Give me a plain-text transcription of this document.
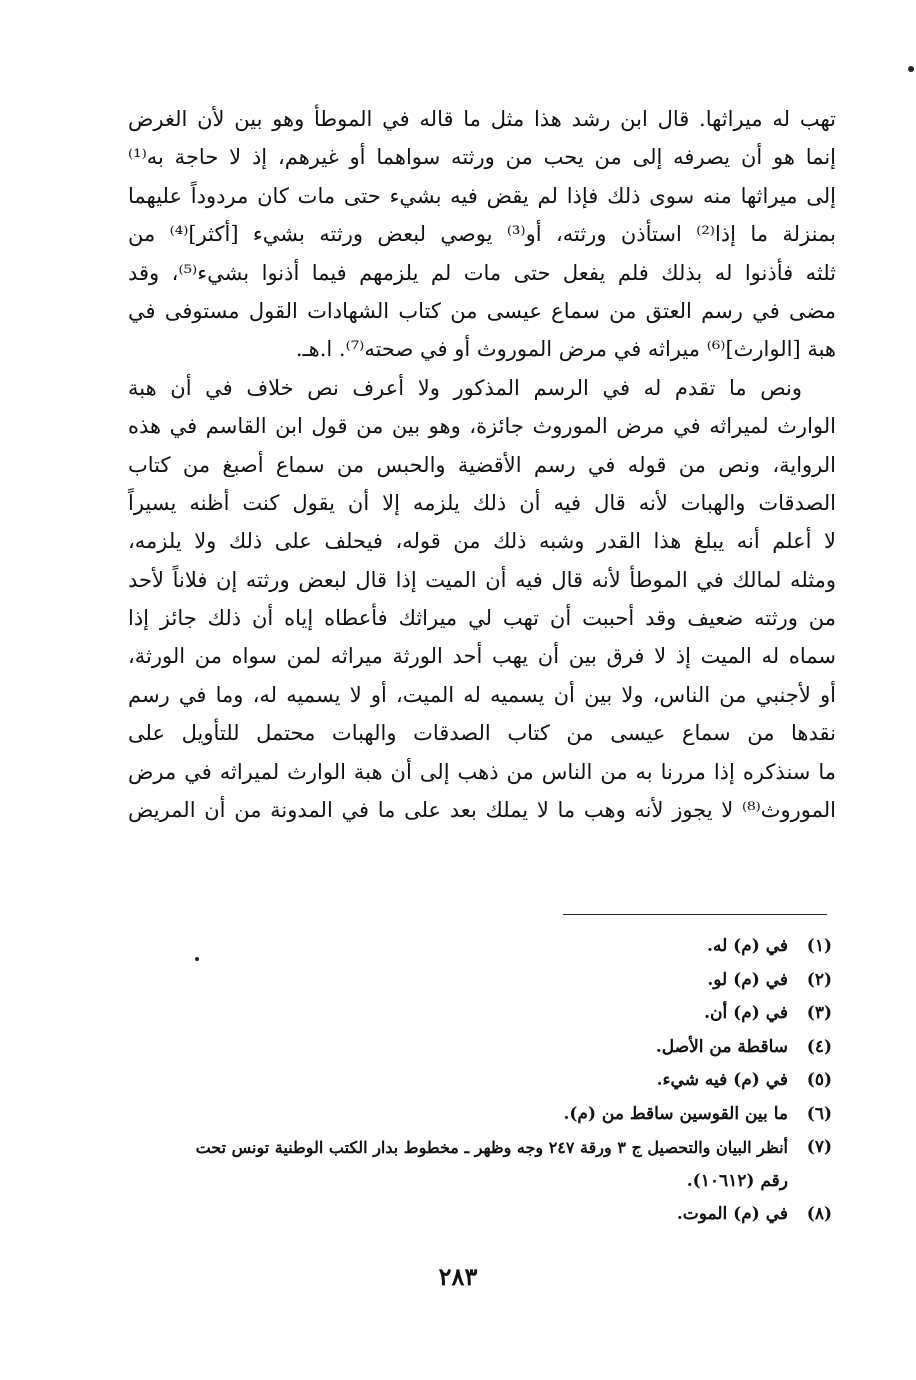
تهب له ميراثها. قال ابن رشد هذا مثل ما قاله في الموطأ وهو بين لأن الغرض
إنما هو أن يصرفه إلى من يحب من ورثته سواهما أو غيرهم، إذ لا حاجة به⁽¹⁾
إلى ميراثها منه سوى ذلك فإذا لم يقض فيه بشيء حتى مات كان مردوداً عليهما
بمنزلة ما إذا⁽²⁾ استأذن ورثته، أو⁽³⁾ يوصي لبعض ورثته بشيء [أكثر]⁽⁴⁾ من
ثلثه فأذنوا له بذلك فلم يفعل حتى مات لم يلزمهم فيما أذنوا بشيء⁽⁵⁾، وقد
مضى في رسم العتق من سماع عيسى من كتاب الشهادات القول مستوفى في
هبة [الوارث]⁽⁶⁾ ميراثه في مرض الموروث أو في صحته⁽⁷⁾. ا.هـ.
ونص ما تقدم له في الرسم المذكور ولا أعرف نص خلاف في أن هبة
الوارث لميراثه في مرض الموروث جائزة، وهو بين من قول ابن القاسم في هذه
الرواية، ونص من قوله في رسم الأقضية والحبس من سماع أصبغ من كتاب
الصدقات والهبات لأنه قال فيه أن ذلك يلزمه إلا أن يقول كنت أظنه يسيراً
لا أعلم أنه يبلغ هذا القدر وشبه ذلك من قوله، فيحلف على ذلك ولا يلزمه،
ومثله لمالك في الموطأ لأنه قال فيه أن الميت إذا قال لبعض ورثته إن فلاناً لأحد
من ورثته ضعيف وقد أحببت أن تهب لي ميراثك فأعطاه إياه أن ذلك جائز إذا
سماه له الميت إذ لا فرق بين أن يهب أحد الورثة ميراثه لمن سواه من الورثة،
أو لأجنبي من الناس، ولا بين أن يسميه له الميت، أو لا يسميه له، وما في رسم
نقدها من سماع عيسى من كتاب الصدقات والهبات محتمل للتأويل على
ما سنذكره إذا مررنا به من الناس من ذهب إلى أن هبة الوارث لميراثه في مرض
الموروث⁽⁸⁾ لا يجوز لأنه وهب ما لا يملك بعد على ما في المدونة من أن المريض
(١)
في (م) له.
(٢)
في (م) لو.
(٣)
في (م) أن.
(٤)
ساقطة من الأصل.
(٥)
في (م) فيه شيء.
(٦)
ما بين القوسين ساقط من (م).
(٧)
أنظر البيان والتحصيل ج ٣ ورقة ٢٤٧ وجه وظهر ـ مخطوط بدار الكتب الوطنية تونس تحت
رقم (١٠٦١٢).
(٨)
في (م) الموت.
٢٨٣
